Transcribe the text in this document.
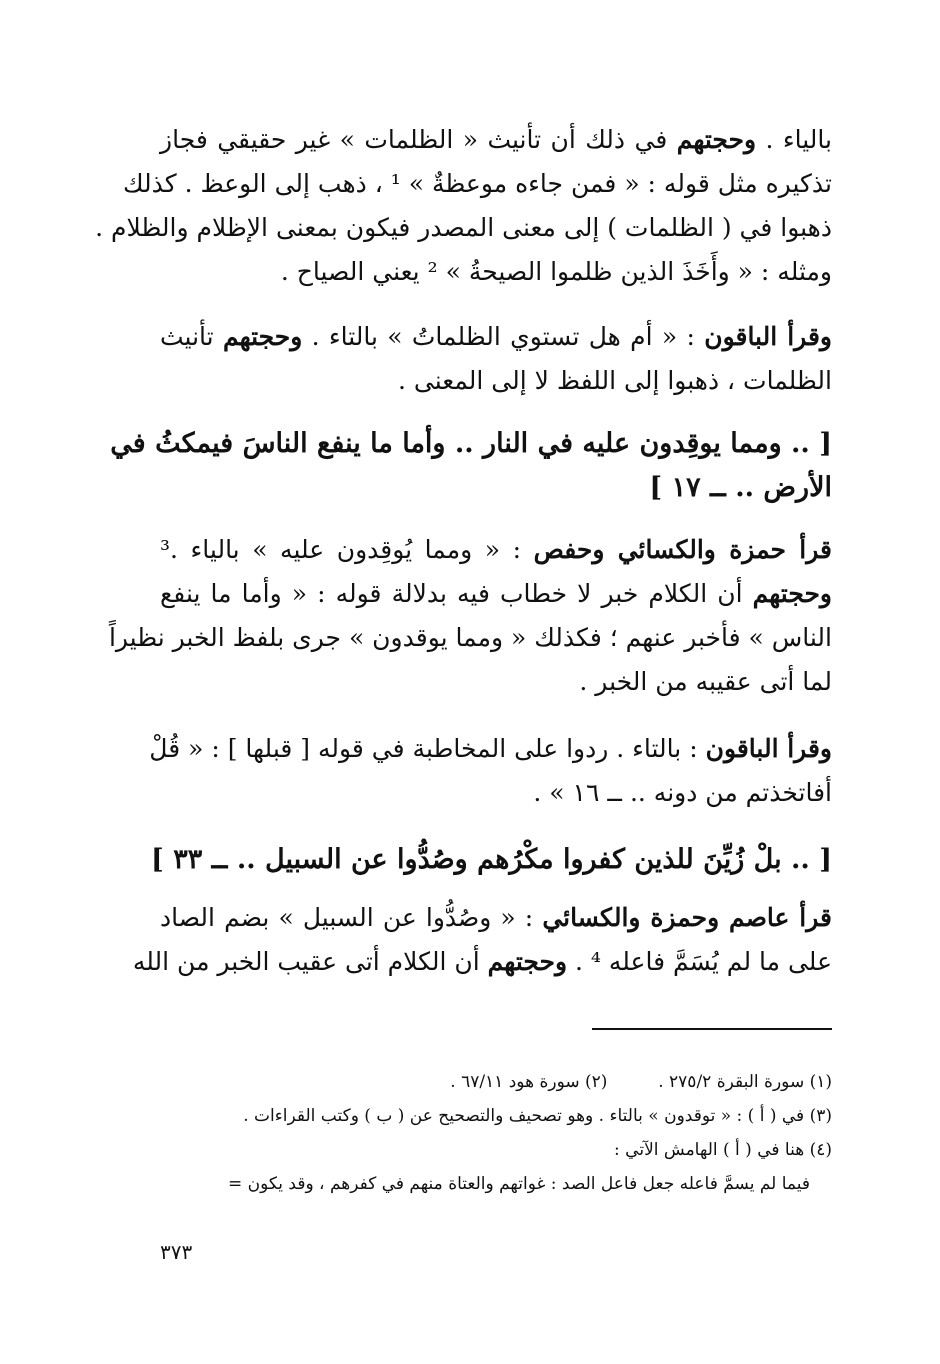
بالياء . وحجتهم في ذلك أن تأنيث « الظلمات » غير حقيقي فجاز
تذكيره مثل قوله : « فمن جاءه موعظةٌ » ¹ ، ذهب إلى الوعظ . كذلك
ذهبوا في ( الظلمات ) إلى معنى المصدر فيكون بمعنى الإظلام والظلام .
ومثله : « وأَخَذَ الذين ظلموا الصيحةُ » ² يعني الصياح .
وقرأ الباقون : « أم هل تستوي الظلماتُ » بالتاء . وحجتهم تأنيث
الظلمات ، ذهبوا إلى اللفظ لا إلى المعنى .
[ .. ومما يوقِدون عليه في النار .. وأما ما ينفع الناسَ فيمكثُ في
الأرض .. ــ ١٧ ]
قرأ حمزة والكسائي وحفص : « ومما يُوقِدون عليه » بالياء .³
وحجتهم أن الكلام خبر لا خطاب فيه بدلالة قوله : « وأما ما ينفع
الناس » فأخبر عنهم ؛ فكذلك « ومما يوقدون » جرى بلفظ الخبر نظيراً
لما أتى عقيبه من الخبر .
وقرأ الباقون : بالتاء . ردوا على المخاطبة في قوله [ قبلها ] : « قُلْ
أفاتخذتم من دونه .. ــ ١٦ » .
[ .. بلْ زُيِّنَ للذين كفروا مكْرُهم وصُدُّوا عن السبيل .. ــ ٣٣ ]
قرأ عاصم وحمزة والكسائي : « وصُدُّوا عن السبيل » بضم الصاد
على ما لم يُسَمَّ فاعله ⁴ . وحجتهم أن الكلام أتى عقيب الخبر من الله
(١) سورة البقرة ٢٧٥/٢ .  (٢) سورة هود ٦٧/١١ .
(٣) في ( أ ) : « توقدون » بالتاء . وهو تصحيف والتصحيح عن ( ب ) وكتب القراءات .
(٤) هنا في ( أ ) الهامش الآتي :
فيما لم يسمَّ فاعله جعل فاعل الصد : غواتهم والعتاة منهم في كفرهم ، وقد يكون =
٣٧٣
